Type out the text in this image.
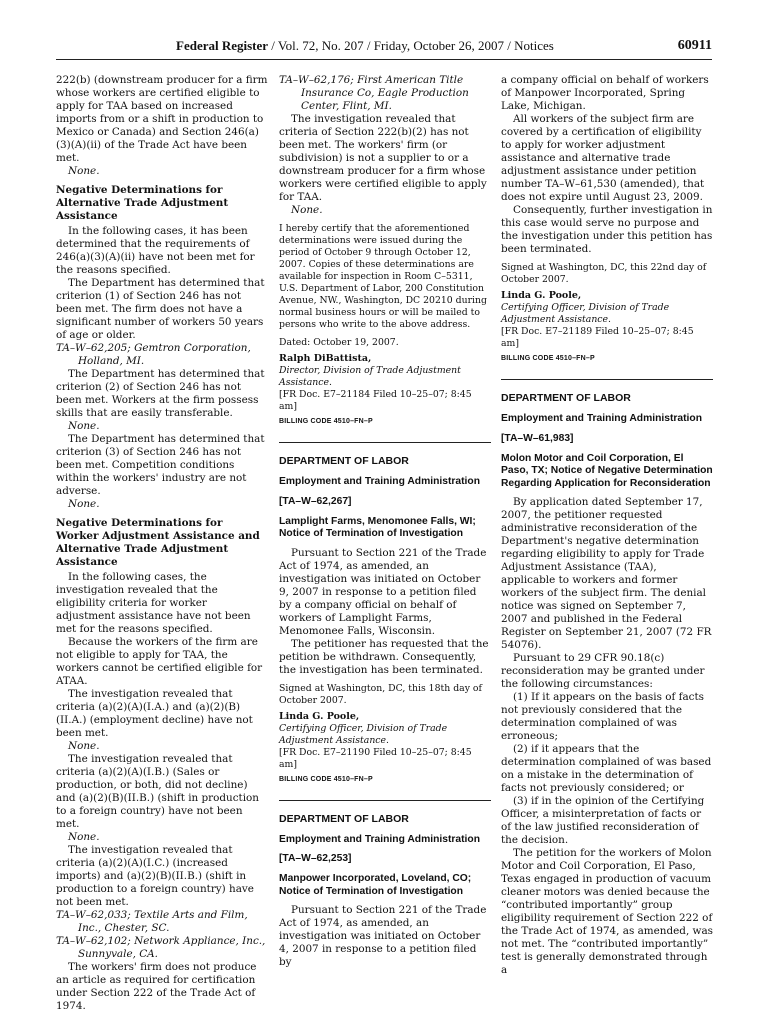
Federal Register / Vol. 72, No. 207 / Friday, October 26, 2007 / Notices	60911

222(b) (downstream producer for a firm whose workers are certified eligible to apply for TAA based on increased imports from or a shift in production to Mexico or Canada) and Section 246(a)(3)(A)(ii) of the Trade Act have been met.

None.

Negative Determinations for Alternative Trade Adjustment Assistance

In the following cases, it has been determined that the requirements of 246(a)(3)(A)(ii) have not been met for the reasons specified.

The Department has determined that criterion (1) of Section 246 has not been met. The firm does not have a significant number of workers 50 years of age or older.

TA–W–62,205; Gemtron Corporation, Holland, MI.

The Department has determined that criterion (2) of Section 246 has not been met. Workers at the firm possess skills that are easily transferable.

None.

The Department has determined that criterion (3) of Section 246 has not been met. Competition conditions within the workers' industry are not adverse.

None.

Negative Determinations for Worker Adjustment Assistance and Alternative Trade Adjustment Assistance

In the following cases, the investigation revealed that the eligibility criteria for worker adjustment assistance have not been met for the reasons specified.

Because the workers of the firm are not eligible to apply for TAA, the workers cannot be certified eligible for ATAA.

The investigation revealed that criteria (a)(2)(A)(I.A.) and (a)(2)(B)(II.A.) (employment decline) have not been met.

None.

The investigation revealed that criteria (a)(2)(A)(I.B.) (Sales or production, or both, did not decline) and (a)(2)(B)(II.B.) (shift in production to a foreign country) have not been met.

None.

The investigation revealed that criteria (a)(2)(A)(I.C.) (increased imports) and (a)(2)(B)(II.B.) (shift in production to a foreign country) have not been met.

TA–W–62,033; Textile Arts and Film, Inc., Chester, SC.

TA–W–62,102; Network Appliance, Inc., Sunnyvale, CA.

The workers' firm does not produce an article as required for certification under Section 222 of the Trade Act of 1974.

TA–W–62,176; First American Title Insurance Co, Eagle Production Center, Flint, MI.

The investigation revealed that criteria of Section 222(b)(2) has not been met. The workers' firm (or subdivision) is not a supplier to or a downstream producer for a firm whose workers were certified eligible to apply for TAA.

None.

I hereby certify that the aforementioned determinations were issued during the period of October 9 through October 12, 2007. Copies of these determinations are available for inspection in Room C–5311, U.S. Department of Labor, 200 Constitution Avenue, NW., Washington, DC 20210 during normal business hours or will be mailed to persons who write to the above address.

Dated: October 19, 2007.

Ralph DiBattista,

Director, Division of Trade Adjustment Assistance.

[FR Doc. E7–21184 Filed 10–25–07; 8:45 am]

BILLING CODE 4510–FN–P

DEPARTMENT OF LABOR

Employment and Training Administration

[TA–W–62,267]

Lamplight Farms, Menomonee Falls, WI; Notice of Termination of Investigation

Pursuant to Section 221 of the Trade Act of 1974, as amended, an investigation was initiated on October 9, 2007 in response to a petition filed by a company official on behalf of workers of Lamplight Farms, Menomonee Falls, Wisconsin.

The petitioner has requested that the petition be withdrawn. Consequently, the investigation has been terminated.

Signed at Washington, DC, this 18th day of October 2007.

Linda G. Poole,

Certifying Officer, Division of Trade Adjustment Assistance.

[FR Doc. E7–21190 Filed 10–25–07; 8:45 am]

BILLING CODE 4510–FN–P

DEPARTMENT OF LABOR

Employment and Training Administration

[TA–W–62,253]

Manpower Incorporated, Loveland, CO; Notice of Termination of Investigation

Pursuant to Section 221 of the Trade Act of 1974, as amended, an investigation was initiated on October 4, 2007 in response to a petition filed by

a company official on behalf of workers of Manpower Incorporated, Spring Lake, Michigan.

All workers of the subject firm are covered by a certification of eligibility to apply for worker adjustment assistance and alternative trade adjustment assistance under petition number TA–W–61,530 (amended), that does not expire until August 23, 2009.

Consequently, further investigation in this case would serve no purpose and the investigation under this petition has been terminated.

Signed at Washington, DC, this 22nd day of October 2007.

Linda G. Poole,

Certifying Officer, Division of Trade Adjustment Assistance.

[FR Doc. E7–21189 Filed 10–25–07; 8:45 am]

BILLING CODE 4510–FN–P

DEPARTMENT OF LABOR

Employment and Training Administration

[TA–W–61,983]

Molon Motor and Coil Corporation, El Paso, TX; Notice of Negative Determination Regarding Application for Reconsideration

By application dated September 17, 2007, the petitioner requested administrative reconsideration of the Department's negative determination regarding eligibility to apply for Trade Adjustment Assistance (TAA), applicable to workers and former workers of the subject firm. The denial notice was signed on September 7, 2007 and published in the Federal Register on September 21, 2007 (72 FR 54076).

Pursuant to 29 CFR 90.18(c) reconsideration may be granted under the following circumstances:

(1) If it appears on the basis of facts not previously considered that the determination complained of was erroneous;

(2) if it appears that the determination complained of was based on a mistake in the determination of facts not previously considered; or

(3) if in the opinion of the Certifying Officer, a misinterpretation of facts or of the law justified reconsideration of the decision.

The petition for the workers of Molon Motor and Coil Corporation, El Paso, Texas engaged in production of vacuum cleaner motors was denied because the “contributed importantly” group eligibility requirement of Section 222 of the Trade Act of 1974, as amended, was not met. The “contributed importantly” test is generally demonstrated through a
